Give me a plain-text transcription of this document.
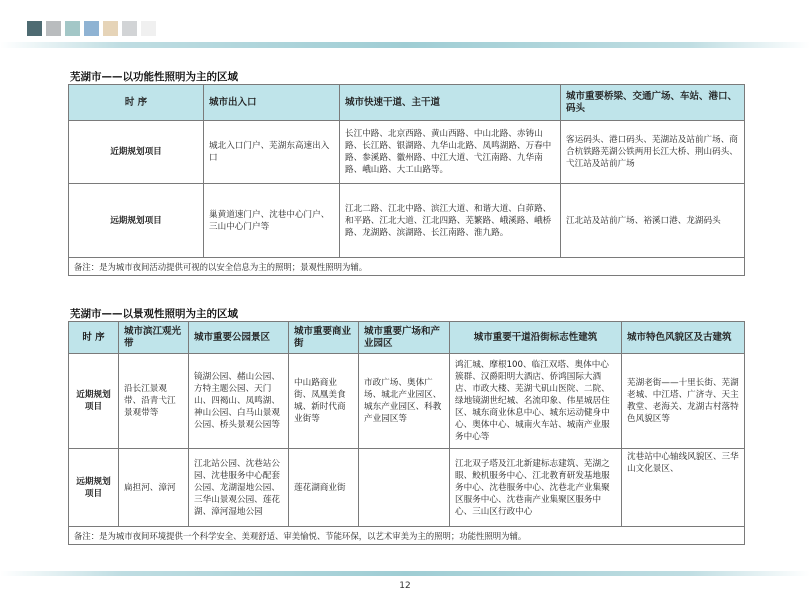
芜湖市——以功能性照明为主的区域
时 序	城市出入口	城市快速干道、主干道	城市重要桥梁、交通广场、车站、港口、码头
近期规划项目	城北入口门户、芜湖东高速出入口	长江中路、北京西路、黄山西路、中山北路、赤铸山路、长江路、银湖路、九华山北路、凤鸣湖路、万春中路、参溪路、徽州路、中江大道、弋江南路、九华南路、峨山路、大工山路等。	客运码头、港口码头、芜湖站及站前广场、商合杭铁路芜湖公铁两用长江大桥、荆山码头、弋江站及站前广场
远期规划项目	巢黄道速门户、沈巷中心门户、三山中心门户等	江北二路、江北中路、滨江大道、和谐大道、白茆路、和平路、江北大道、江北四路、芜繁路、峨溪路、峨桥路、龙湖路、滨湖路、长江南路、淮九路。	江北站及站前广场、裕溪口港、龙湖码头
备注：是为城市夜间活动提供可视的以安全信息为主的照明；景观性照明为辅。			
芜湖市——以景观性照明为主的区域
时 序	城市滨江观光带	城市重要公园景区	城市重要商业街	城市重要广场和产业园区	城市重要干道沿街标志性建筑	城市特色风貌区及古建筑
近期规划项目	沿长江景观带、沿青弋江景观带等	镜湖公园、赭山公园、方特主题公园、天门山、四褐山、凤鸣湖、神山公园、白马山景观公园、桥头景观公园等	中山路商业街、凤凰美食城、新时代商业街等	市政广场、奥体广场、城北产业园区、城东产业园区、科教产业园区等	鸿汇城、摩根100、临江双塔、奥体中心簇群、汉爵阳明大酒店、侨鸿国际大酒店、市政大楼、芜湖弋矶山医院、二院、绿地镜湖世纪城、名流印象、伟星城居住区、城东商业休息中心、城东运动健身中心、奥体中心、城南火车站、城南产业服务中心等	芜湖老街——十里长街、芜湖老城、中江塔、广济寺、天主教堂、老海关、龙湖古村落特色风貌区等
远期规划项目	扁担河、漳河	江北站公园、沈巷站公园、沈巷服务中心配套公园、龙湖湿地公园、三华山景观公园、莲花湖、漳河湿地公园	莲花湖商业街		江北双子塔及江北新建标志建筑、芜湖之眼、鲛机服务中心、江北教育研发基地服务中心、沈巷服务中心、沈巷北产业集聚区服务中心、沈巷南产业集聚区服务中心、三山区行政中心	沈巷站中心轴线风貌区、三华山文化景区、
备注：是为城市夜间环境提供一个科学安全、美观舒适、审美愉悦、节能环保，以艺术审美为主的照明；功能性照明为辅。						
12
